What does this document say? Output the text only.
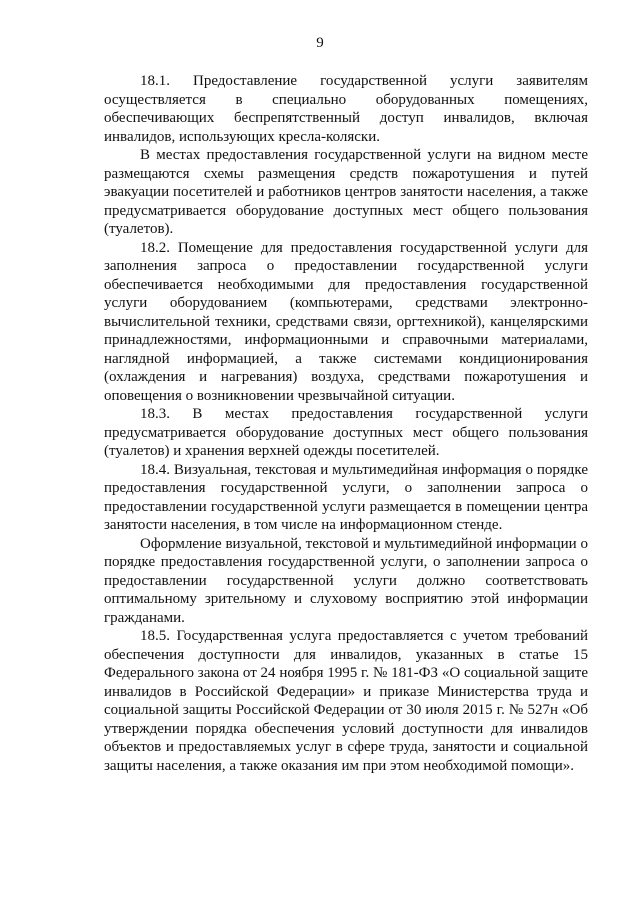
9

18.1. Предоставление государственной услуги заявителям осуществляется в специально оборудованных помещениях, обеспечивающих беспрепятственный доступ инвалидов, включая инвалидов, использующих кресла-коляски.

В местах предоставления государственной услуги на видном месте размещаются схемы размещения средств пожаротушения и путей эвакуации посетителей и работников центров занятости населения, а также предусматривается оборудование доступных мест общего пользования (туалетов).

18.2. Помещение для предоставления государственной услуги для заполнения запроса о предоставлении государственной услуги обеспечивается необходимыми для предоставления государственной услуги оборудованием (компьютерами, средствами электронно-вычислительной техники, средствами связи, оргтехникой), канцелярскими принадлежностями, информационными и справочными материалами, наглядной информацией, а также системами кондиционирования (охлаждения и нагревания) воздуха, средствами пожаротушения и оповещения о возникновении чрезвычайной ситуации.

18.3. В местах предоставления государственной услуги предусматривается оборудование доступных мест общего пользования (туалетов) и хранения верхней одежды посетителей.

18.4. Визуальная, текстовая и мультимедийная информация о порядке предоставления государственной услуги, о заполнении запроса о предоставлении государственной услуги размещается в помещении центра занятости населения, в том числе на информационном стенде.

Оформление визуальной, текстовой и мультимедийной информации о порядке предоставления государственной услуги, о заполнении запроса о предоставлении государственной услуги должно соответствовать оптимальному зрительному и слуховому восприятию этой информации гражданами.

18.5. Государственная услуга предоставляется с учетом требований обеспечения доступности для инвалидов, указанных в статье 15 Федерального закона от 24 ноября 1995 г. № 181-ФЗ «О социальной защите инвалидов в Российской Федерации» и приказе Министерства труда и социальной защиты Российской Федерации от 30 июля 2015 г. № 527н «Об утверждении порядка обеспечения условий доступности для инвалидов объектов и предоставляемых услуг в сфере труда, занятости и социальной защиты населения, а также оказания им при этом необходимой помощи».
